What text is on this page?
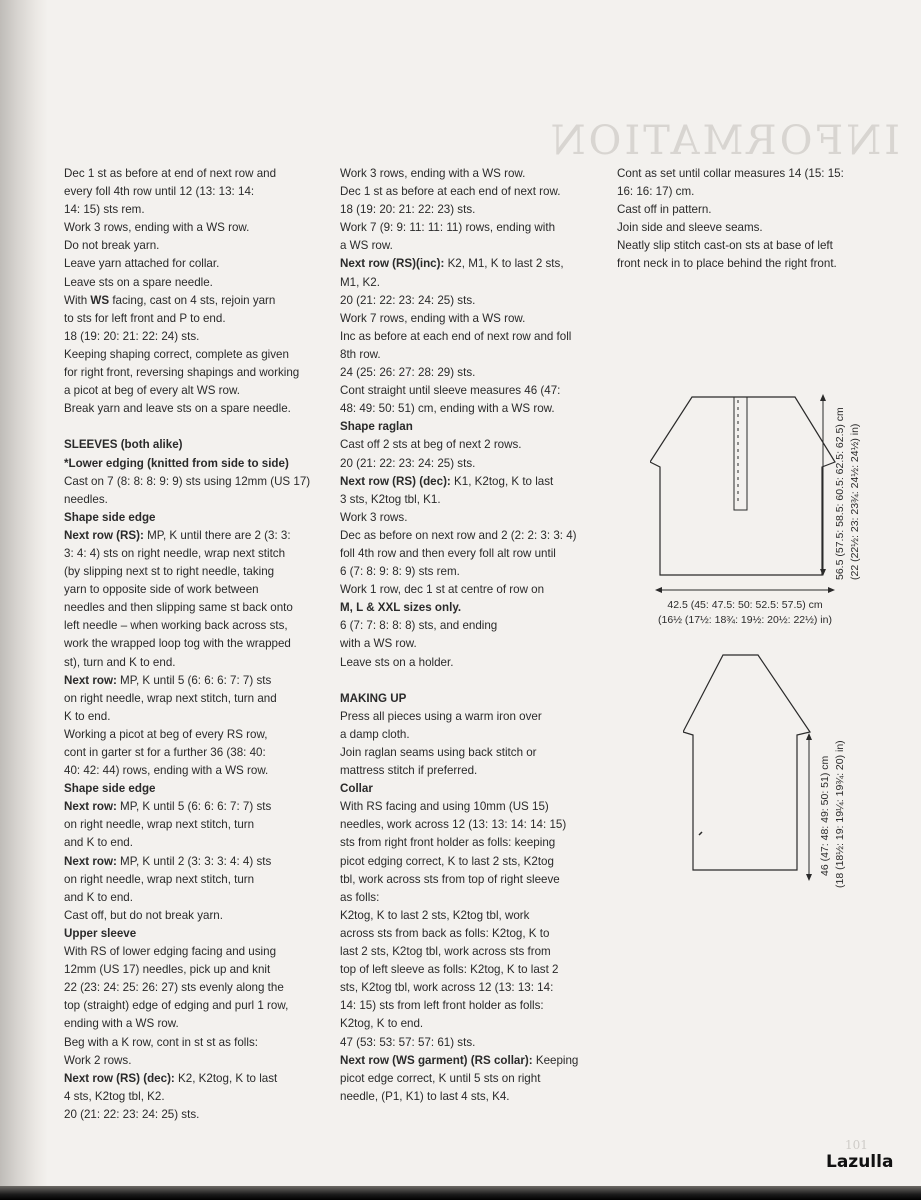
INFORMATION
Dec 1 st as before at end of next row and
every foll 4th row until 12 (13: 13: 14:
14: 15) sts rem.
Work 3 rows, ending with a WS row.
Do not break yarn.
Leave yarn attached for collar.
Leave sts on a spare needle.
With WS facing, cast on 4 sts, rejoin yarn
to sts for left front and P to end.
18 (19: 20: 21: 22: 24) sts.
Keeping shaping correct, complete as given
for right front, reversing shapings and working
a picot at beg of every alt WS row.
Break yarn and leave sts on a spare needle.
SLEEVES (both alike)
*Lower edging (knitted from side to side)
Cast on 7 (8: 8: 8: 9: 9) sts using 12mm (US 17)
needles.
Shape side edge
Next row (RS): MP, K until there are 2 (3: 3:
3: 4: 4) sts on right needle, wrap next stitch
(by slipping next st to right needle, taking
yarn to opposite side of work between
needles and then slipping same st back onto
left needle – when working back across sts,
work the wrapped loop tog with the wrapped
st), turn and K to end.
Next row: MP, K until 5 (6: 6: 6: 7: 7) sts
on right needle, wrap next stitch, turn and
K to end.
Working a picot at beg of every RS row,
cont in garter st for a further 36 (38: 40:
40: 42: 44) rows, ending with a WS row.
Shape side edge
Next row: MP, K until 5 (6: 6: 6: 7: 7) sts
on right needle, wrap next stitch, turn
and K to end.
Next row: MP, K until 2 (3: 3: 3: 4: 4) sts
on right needle, wrap next stitch, turn
and K to end.
Cast off, but do not break yarn.
Upper sleeve
With RS of lower edging facing and using
12mm (US 17) needles, pick up and knit
22 (23: 24: 25: 26: 27) sts evenly along the
top (straight) edge of edging and purl 1 row,
ending with a WS row.
Beg with a K row, cont in st st as folls:
Work 2 rows.
Next row (RS) (dec): K2, K2tog, K to last
4 sts, K2tog tbl, K2.
20 (21: 22: 23: 24: 25) sts.
Work 3 rows, ending with a WS row.
Dec 1 st as before at each end of next row.
18 (19: 20: 21: 22: 23) sts.
Work 7 (9: 9: 11: 11: 11) rows, ending with
a WS row.
Next row (RS)(inc): K2, M1, K to last 2 sts,
M1, K2.
20 (21: 22: 23: 24: 25) sts.
Work 7 rows, ending with a WS row.
Inc as before at each end of next row and foll
8th row.
24 (25: 26: 27: 28: 29) sts.
Cont straight until sleeve measures 46 (47:
48: 49: 50: 51) cm, ending with a WS row.
Shape raglan
Cast off 2 sts at beg of next 2 rows.
20 (21: 22: 23: 24: 25) sts.
Next row (RS) (dec): K1, K2tog, K to last
3 sts, K2tog tbl, K1.
Work 3 rows.
Dec as before on next row and 2 (2: 2: 3: 3: 4)
foll 4th row and then every foll alt row until
6 (7: 8: 9: 8: 9) sts rem.
Work 1 row, dec 1 st at centre of row on
M, L & XXL sizes only.
6 (7: 7: 8: 8: 8) sts, and ending
with a WS row.
Leave sts on a holder.
MAKING UP
Press all pieces using a warm iron over
a damp cloth.
Join raglan seams using back stitch or
mattress stitch if preferred.
Collar
With RS facing and using 10mm (US 15)
needles, work across 12 (13: 13: 14: 14: 15)
sts from right front holder as folls: keeping
picot edging correct, K to last 2 sts, K2tog
tbl, work across sts from top of right sleeve
as folls:
K2tog, K to last 2 sts, K2tog tbl, work
across sts from back as folls: K2tog, K to
last 2 sts, K2tog tbl, work across sts from
top of left sleeve as folls: K2tog, K to last 2
sts, K2tog tbl, work across 12 (13: 13: 14:
14: 15) sts from left front holder as folls:
K2tog, K to end.
47 (53: 53: 57: 57: 61) sts.
Next row (WS garment) (RS collar): Keeping
picot edge correct, K until 5 sts on right
needle, (P1, K1) to last 4 sts, K4.
Cont as set until collar measures 14 (15: 15:
16: 16: 17) cm.
Cast off in pattern.
Join side and sleeve seams.
Neatly slip stitch cast-on sts at base of left
front neck in to place behind the right front.
42.5 (45: 47.5: 50: 52.5: 57.5) cm
(16½ (17½: 18¾: 19½: 20½: 22½) in)
56.5 (57.5: 58.5: 60.5: 62.5: 62.5) cm (22 (22½: 23: 23¾: 24½: 24½) in)
46 (47: 48: 49: 50: 51) cm (18 (18½: 19: 19¼: 19¾: 20) in)
101
Lazulla
